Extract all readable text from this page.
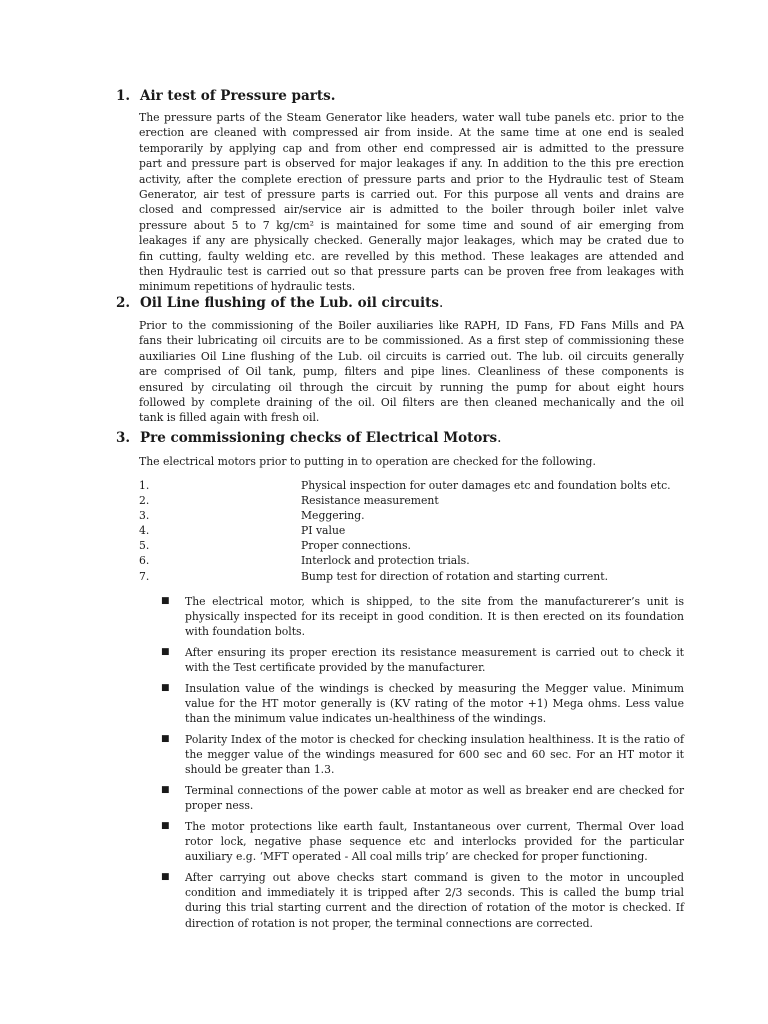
1. Air test of Pressure parts.

The pressure parts of the Steam Generator like headers, water wall tube panels etc. prior to the
erection are cleaned with compressed air from inside. At the same time at one end is sealed
temporarily by applying cap and from other end compressed air is admitted to the pressure
part and pressure part is observed for major leakages if any. In addition to the this pre erection
activity, after the complete erection of pressure parts and prior to the Hydraulic test of Steam
Generator, air test of pressure parts is carried out. For this purpose all vents and drains are
closed and compressed air/service air is admitted to the boiler through boiler inlet valve
pressure about 5 to 7 kg/cm² is maintained for some time and sound of air emerging from
leakages if any are physically checked. Generally major leakages, which may be crated due to
fin cutting, faulty welding etc. are revelled by this method. These leakages are attended and
then Hydraulic test is carried out so that pressure parts can be proven free from leakages with
minimum repetitions of hydraulic tests.

2. Oil Line flushing of the Lub. oil circuits.

Prior to the commissioning of the Boiler auxiliaries like RAPH, ID Fans, FD Fans Mills and PA
fans their lubricating oil circuits are to be commissioned. As a first step of commissioning these
auxiliaries Oil Line flushing of the Lub. oil circuits is carried out. The lub. oil circuits generally
are comprised of Oil tank, pump, filters and pipe lines. Cleanliness of these components is
ensured by circulating oil through the circuit by running the pump for about eight hours
followed by complete draining of the oil. Oil filters are then cleaned mechanically and the oil
tank is filled again with fresh oil.

3. Pre commissioning checks of Electrical Motors.

The electrical motors prior to putting in to operation are checked for the following.

1.	Physical inspection for outer damages etc and foundation bolts etc.
2.	Resistance measurement
3.	Meggering.
4.	PI value
5.	Proper connections.
6.	Interlock and protection trials.
7.	Bump test for direction of rotation and starting current.
■ The electrical motor, which is shipped, to the site from the manufacturerer’s unit is physically inspected for its receipt in good condition. It is then erected on its foundation with foundation bolts.

■ After ensuring its proper erection its resistance measurement is carried out to check it with the Test certificate provided by the manufacturer.

■ Insulation value of the windings is checked by measuring the Megger value. Minimum value for the HT motor generally is (KV rating of the motor +1) Mega ohms. Less value than the minimum value indicates un-healthiness of the windings.

■ Polarity Index of the motor is checked for checking insulation healthiness. It is the ratio of the megger value of the windings measured for 600 sec and 60 sec. For an HT motor it should be greater than 1.3.

■ Terminal connections of the power cable at motor as well as breaker end are checked for proper ness.

■ The motor protections like earth fault, Instantaneous over current, Thermal Over load rotor lock, negative phase sequence etc and interlocks provided for the particular auxiliary e.g. ‘MFT operated - All coal mills trip’ are checked for proper functioning.

■ After carrying out above checks start command is given to the motor in uncoupled condition and immediately it is tripped after 2/3 seconds. This is called the bump trial during this trial starting current and the direction of rotation of the motor is checked. If direction of rotation is not proper, the terminal connections are corrected.
